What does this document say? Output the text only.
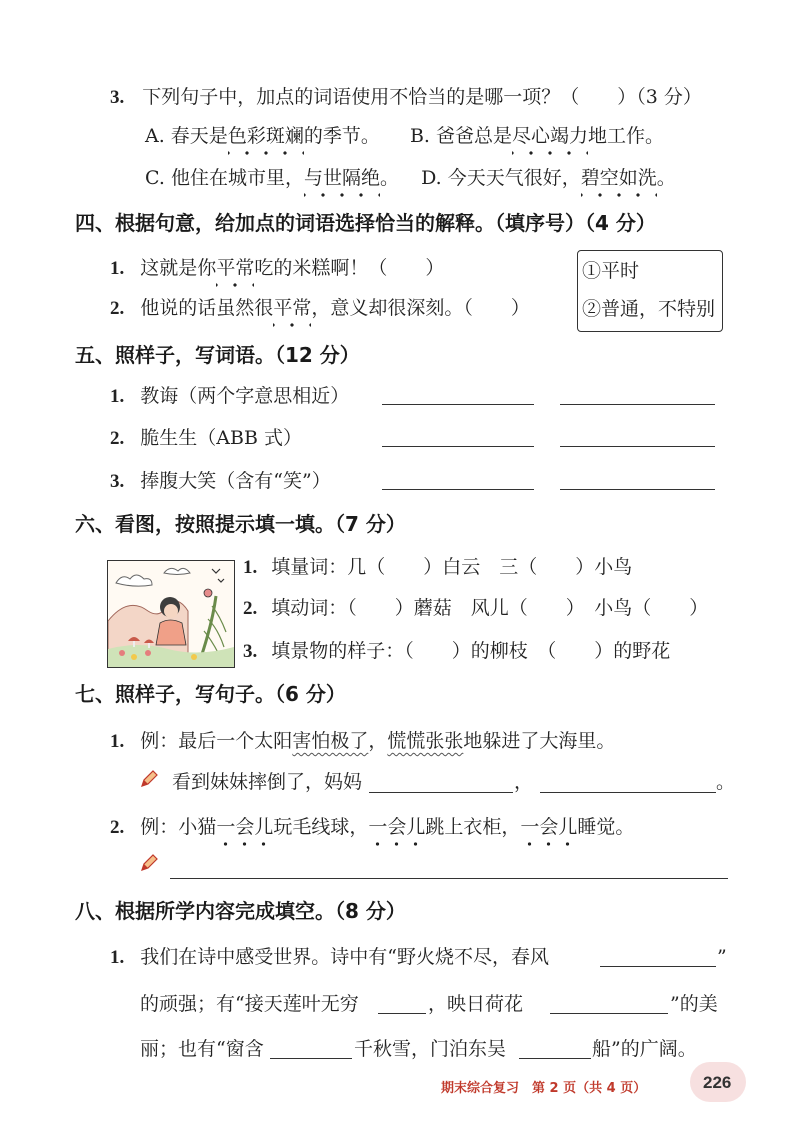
3. 下列句子中，加点的词语使用不恰当的是哪一项？（　　）（3 分）
A. 春天是色彩斑斓的季节。 B. 爸爸总是尽心竭力地工作。
C. 他住在城市里，与世隔绝。 D. 今天天气很好，碧空如洗。
四、根据句意，给加点的词语选择恰当的解释。（填序号）（4 分）
1. 这就是你平常吃的米糕啊！（　　）
2. 他说的话虽然很平常，意义却很深刻。（　　）
①平时
②普通，不特别
五、照样子，写词语。（12 分）
1. 教诲（两个字意思相近）
2. 脆生生（ABB 式）
3. 捧腹大笑（含有“笑”）
六、看图，按照提示填一填。（7 分）
1. 填量词：几（　　）白云　三（　　）小鸟
2. 填动词：（　　）蘑菇　风儿（　　）　小鸟（　　）
3. 填景物的样子：（　　）的柳枝　（　　）的野花
七、照样子，写句子。（6 分）
1. 例：最后一个太阳害怕极了，慌慌张张地躲进了大海里。
看到妹妹摔倒了，妈妈	，	。
2. 例：小猫一会儿玩毛线球，一会儿跳上衣柜，一会儿睡觉。
八、根据所学内容完成填空。（8 分）
1. 我们在诗中感受世界。诗中有“野火烧不尽，春风	”
的顽强；有“接天莲叶无穷	，映日荷花	”的美
丽；也有“窗含	千秋雪，门泊东吴	船”的广阔。
期末综合复习　第 2 页（共 4 页）	226
